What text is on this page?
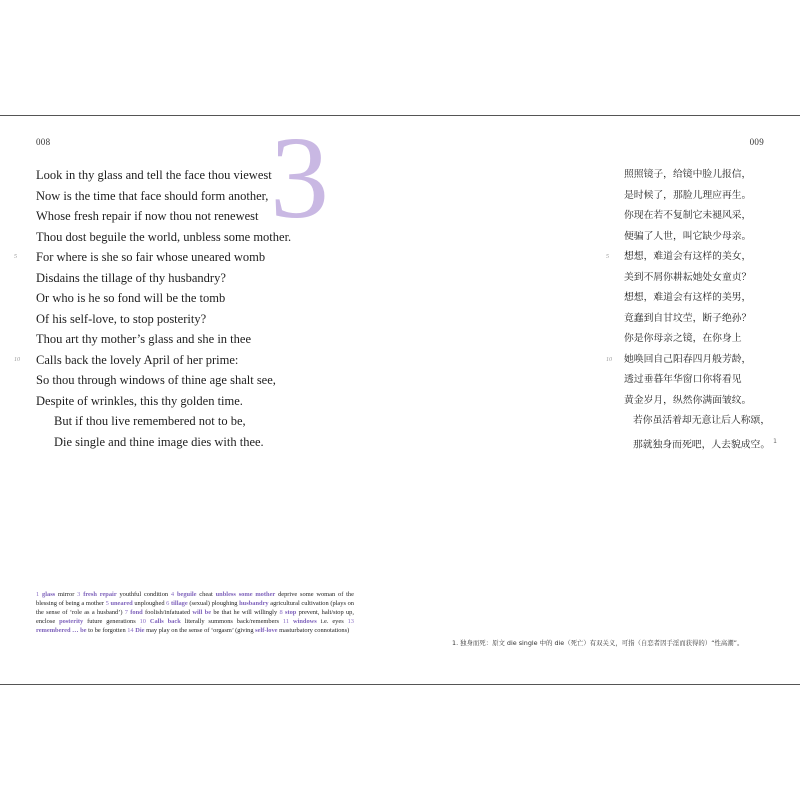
008 3
Look in thy glass and tell the face thou viewest
Now is the time that face should form another,
Whose fresh repair if now thou not renewest
Thou dost beguile the world, unbless some mother.
5 For where is she so fair whose uneared womb
Disdains the tillage of thy husbandry?
Or who is he so fond will be the tomb
Of his self-love, to stop posterity?
Thou art thy mother’s glass and she in thee
10 Calls back the lovely April of her prime:
So thou through windows of thine age shalt see,
Despite of wrinkles, this thy golden time.
But if thou live remembered not to be,
Die single and thine image dies with thee.
1 glass mirror 3 fresh repair youthful condition 4 beguile cheat unbless some mother deprive some woman of the blessing of being a mother 5 uneared unploughed 6 tillage (sexual) ploughing husbandry agricultural cultivation (plays on the sense of ‘role as a husband’) 7 fond foolish/infatuated will be be that he will willingly 8 stop prevent, halt/stop up, enclose posterity future generations 10 Calls back literally summons back/remembers 11 windows i.e. eyes 13 remembered … be to be forgotten 14 Die may play on the sense of ‘orgasm’ (giving self-love masturbatory connotations)
009
照照镜子，给镜中脸儿报信，
是时候了，那脸儿理应再生。
你现在若不复制它未褪风采，
便骗了人世，叫它缺少母亲。
5 想想，难道会有这样的美女，
美到不屑你耕耘她处女童贞？
想想，难道会有这样的美男，
竟蠢到自甘坟茔，断子绝孙？
你是你母亲之镜，在你身上
10 她唤回自己阳春四月般芳龄，
透过垂暮年华窗口你将看见
黄金岁月，纵然你满面皱纹。
若你虽活着却无意让后人称颂，
那就独身而死吧，人去貌成空。 $^1$
1. 独身而死：原文 die single 中的 die（死亡）有双关义，可指（自恋者因手淫而获得的）“性高潮”。
